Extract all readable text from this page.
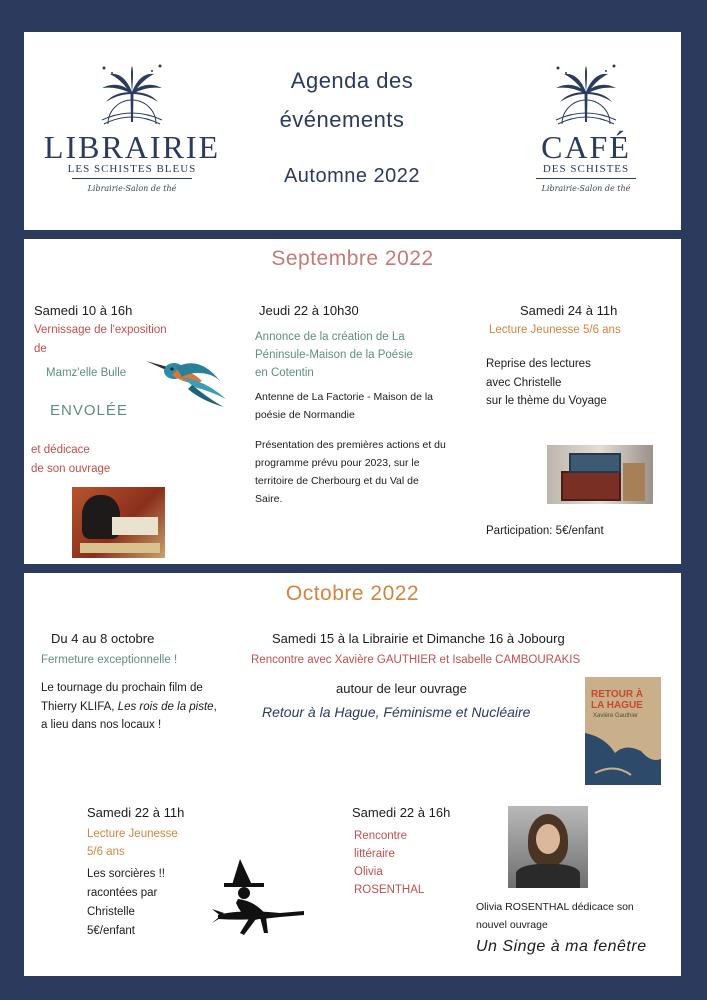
LIBRAIRIE
LES SCHISTES BLEUS
Librairie-Salon de thé
Agenda des
événements
Automne 2022
CAFÉ
DES SCHISTES
Librairie-Salon de thé
Septembre 2022
Samedi 10 à 16h
Vernissage de l'exposition
de
Mamz'elle Bulle
ENVOLÉE
et dédicace
de son ouvrage
Jeudi 22 à 10h30
Annonce de la création de La
Péninsule-Maison de la Poésie
en Cotentin
Antenne de La Factorie - Maison de la
poésie de Normandie
Présentation des premières actions et du
programme prévu pour 2023, sur le
territoire de Cherbourg et du Val de
Saire.
Samedi 24 à 11h
Lecture Jeunesse 5/6 ans
Reprise des lectures
avec Christelle
sur le thème du Voyage
Participation: 5€/enfant
Octobre 2022
Du 4 au 8 octobre
Fermeture exceptionnelle !
Le tournage du prochain film de
Thierry KLIFA, Les rois de la piste,
a lieu dans nos locaux !
Samedi 15 à la Librairie et Dimanche 16 à Jobourg
Rencontre avec Xavière GAUTHIER et Isabelle CAMBOURAKIS
autour de leur ouvrage
Retour à la Hague, Féminisme et Nucléaire
RETOUR À
LA HAGUE
Xavière Gauthier
Samedi 22 à 11h
Lecture Jeunesse
5/6 ans
Les sorcières !!
racontées par
Christelle
5€/enfant
Samedi 22 à 16h
Rencontre
littéraire
Olivia
ROSENTHAL
Olivia ROSENTHAL dédicace son
nouvel ouvrage
Un Singe à ma fenêtre
